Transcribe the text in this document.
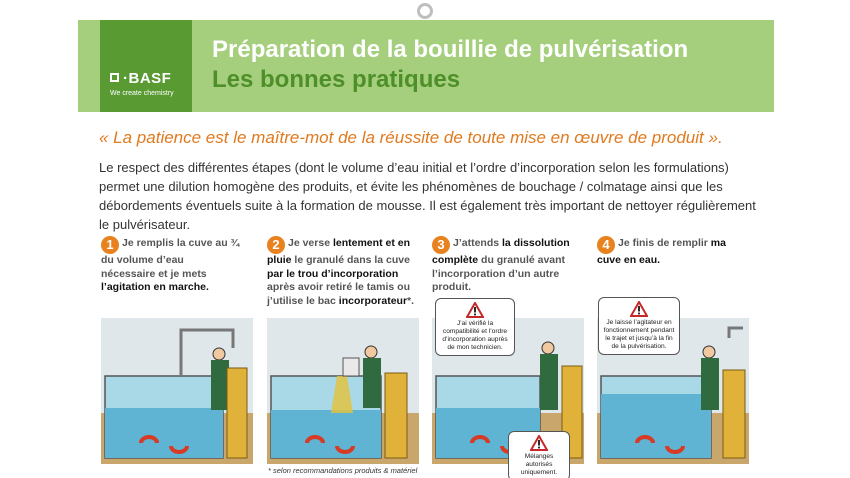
·BASF
We create chemistry
Préparation de la bouillie de pulvérisation
Les bonnes pratiques
« La patience est le maître-mot de la réussite de toute mise en œuvre de produit ».
Le respect des différentes étapes (dont le volume d’eau initial et l’ordre d’incorporation selon les formulations) permet une dilution homogène des produits, et évite les phénomènes de bouchage / colmatage ainsi que les débordements éventuels suite à la formation de mousse. Il est également très important de nettoyer régulièrement le pulvérisateur.
1 Je remplis la cuve au ¾ du volume d’eau nécessaire et je mets l’agitation en marche.
2 Je verse lentement et en pluie le granulé dans la cuve par le trou d’incorporation après avoir retiré le tamis ou j’utilise le bac incorporateur*.
3 J’attends la dissolution complète du granulé avant l’incorporation d’un autre produit.
4 Je finis de remplir ma cuve en eau.
J’ai vérifié la compatibilité et l’ordre d’incorporation auprès de mon technicien.
Mélanges autorisés uniquement.
Je laisse l’agitateur en fonctionnement pendant le trajet et jusqu’à la fin de la pulvérisation.
* selon recommandations produits & matériel
